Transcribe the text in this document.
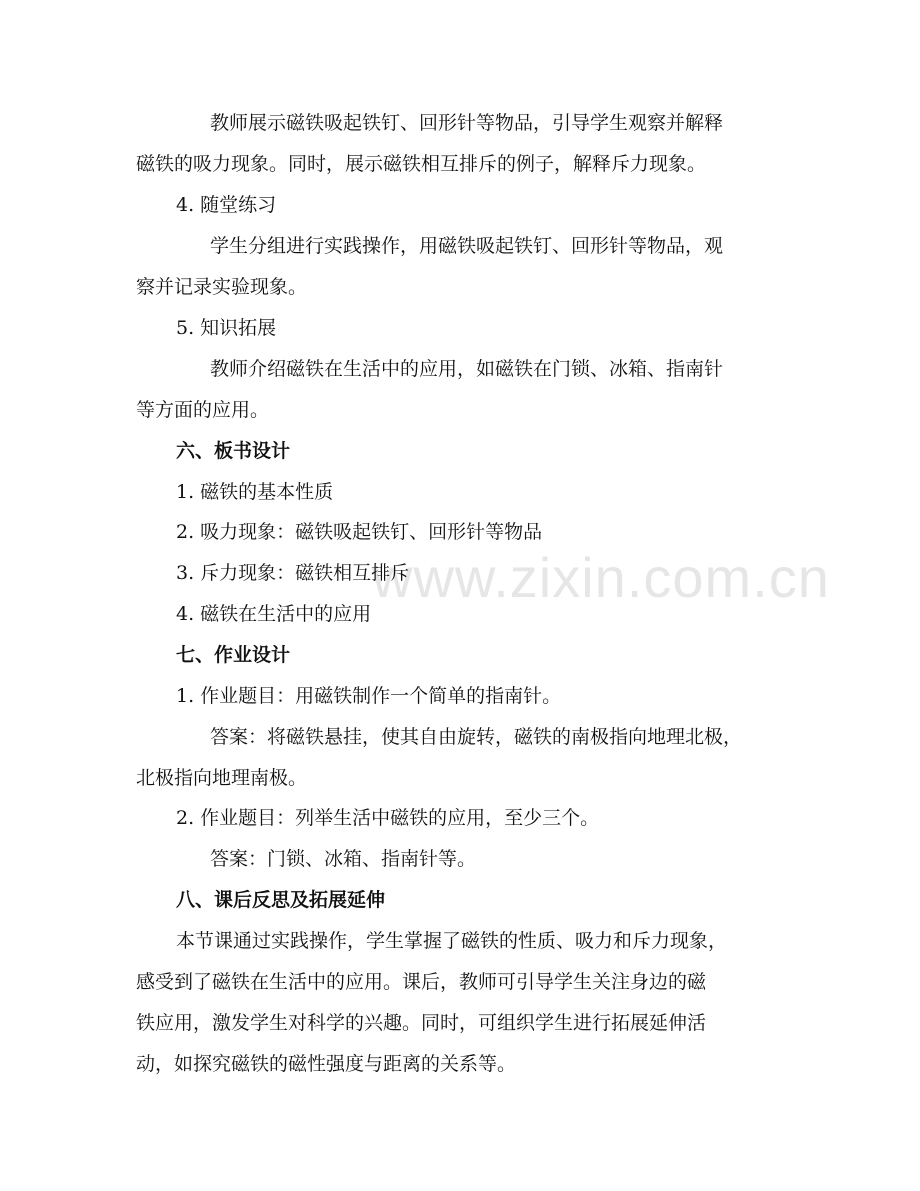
www.zixin.com.cn
教师展示磁铁吸起铁钉、回形针等物品，引导学生观察并解释
磁铁的吸力现象。同时，展示磁铁相互排斥的例子，解释斥力现象。
4. 随堂练习
学生分组进行实践操作，用磁铁吸起铁钉、回形针等物品，观
察并记录实验现象。
5. 知识拓展
教师介绍磁铁在生活中的应用，如磁铁在门锁、冰箱、指南针
等方面的应用。
六、板书设计
1. 磁铁的基本性质
2. 吸力现象：磁铁吸起铁钉、回形针等物品
3. 斥力现象：磁铁相互排斥
4. 磁铁在生活中的应用
七、作业设计
1. 作业题目：用磁铁制作一个简单的指南针。
答案：将磁铁悬挂，使其自由旋转，磁铁的南极指向地理北极，
北极指向地理南极。
2. 作业题目：列举生活中磁铁的应用，至少三个。
答案：门锁、冰箱、指南针等。
八、课后反思及拓展延伸
本节课通过实践操作，学生掌握了磁铁的性质、吸力和斥力现象，
感受到了磁铁在生活中的应用。课后，教师可引导学生关注身边的磁
铁应用，激发学生对科学的兴趣。同时，可组织学生进行拓展延伸活
动，如探究磁铁的磁性强度与距离的关系等。
